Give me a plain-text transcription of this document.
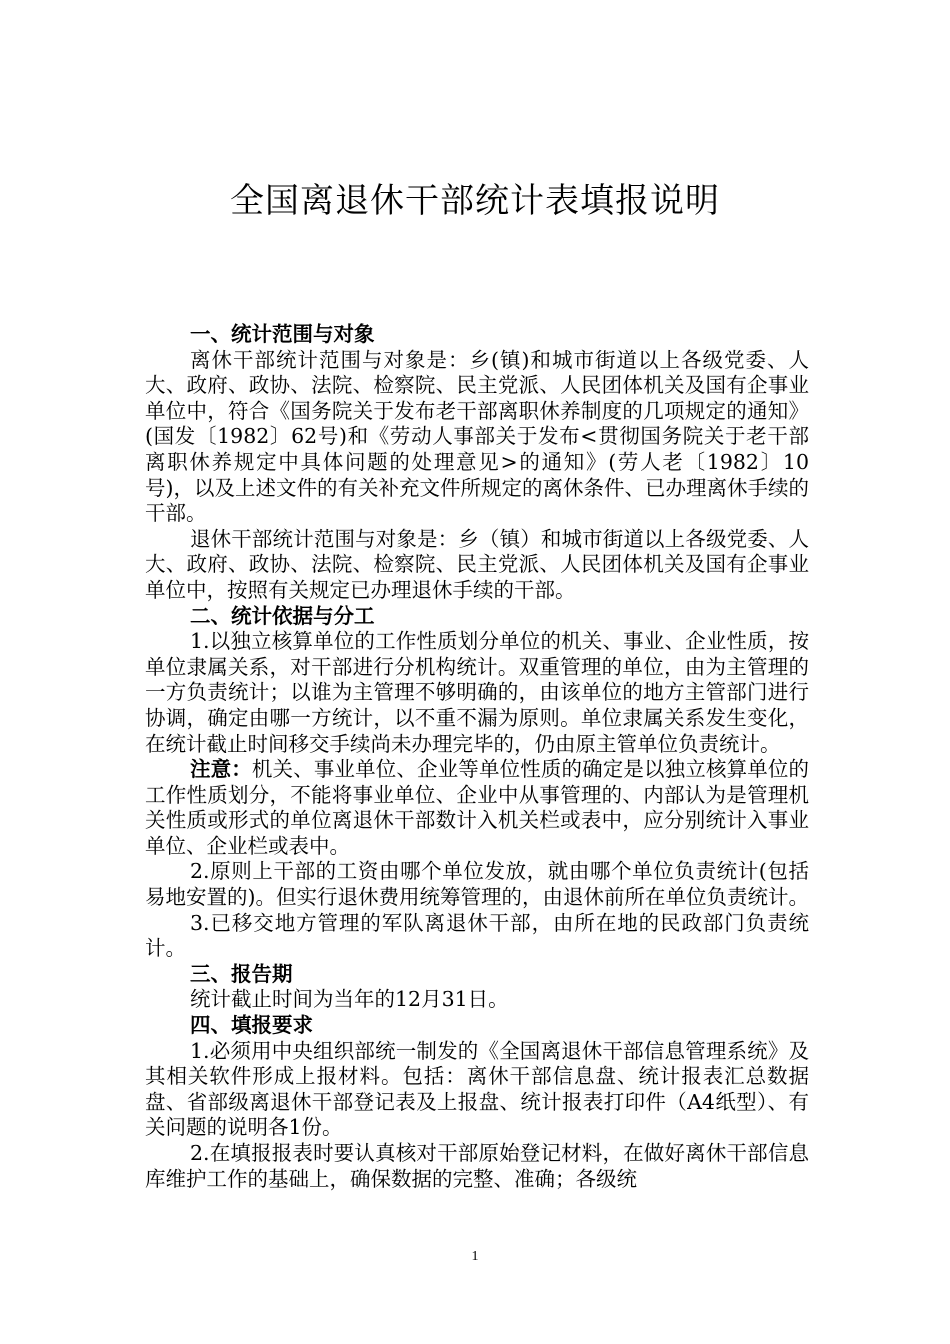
全国离退休干部统计表填报说明

一、统计范围与对象

离休干部统计范围与对象是：乡(镇)和城市街道以上各级党委、人大、政府、政协、法院、检察院、民主党派、人民团体机关及国有企事业单位中，符合《国务院关于发布老干部离职休养制度的几项规定的通知》(国发〔1982〕62号)和《劳动人事部关于发布<贯彻国务院关于老干部离职休养规定中具体问题的处理意见>的通知》(劳人老〔1982〕10号)，以及上述文件的有关补充文件所规定的离休条件、已办理离休手续的干部。

退休干部统计范围与对象是：乡（镇）和城市街道以上各级党委、人大、政府、政协、法院、检察院、民主党派、人民团体机关及国有企事业单位中，按照有关规定已办理退休手续的干部。

二、统计依据与分工

1.以独立核算单位的工作性质划分单位的机关、事业、企业性质，按单位隶属关系，对干部进行分机构统计。双重管理的单位，由为主管理的一方负责统计；以谁为主管理不够明确的，由该单位的地方主管部门进行协调，确定由哪一方统计，以不重不漏为原则。单位隶属关系发生变化，在统计截止时间移交手续尚未办理完毕的，仍由原主管单位负责统计。

注意：机关、事业单位、企业等单位性质的确定是以独立核算单位的工作性质划分，不能将事业单位、企业中从事管理的、内部认为是管理机关性质或形式的单位离退休干部数计入机关栏或表中，应分别统计入事业单位、企业栏或表中。

2.原则上干部的工资由哪个单位发放，就由哪个单位负责统计(包括易地安置的)。但实行退休费用统筹管理的，由退休前所在单位负责统计。

3.已移交地方管理的军队离退休干部，由所在地的民政部门负责统计。

三、报告期

统计截止时间为当年的12月31日。

四、填报要求

1.必须用中央组织部统一制发的《全国离退休干部信息管理系统》及其相关软件形成上报材料。包括：离休干部信息盘、统计报表汇总数据盘、省部级离退休干部登记表及上报盘、统计报表打印件（A4纸型）、有关问题的说明各1份。

2.在填报报表时要认真核对干部原始登记材料，在做好离休干部信息库维护工作的基础上，确保数据的完整、准确；各级统

1
